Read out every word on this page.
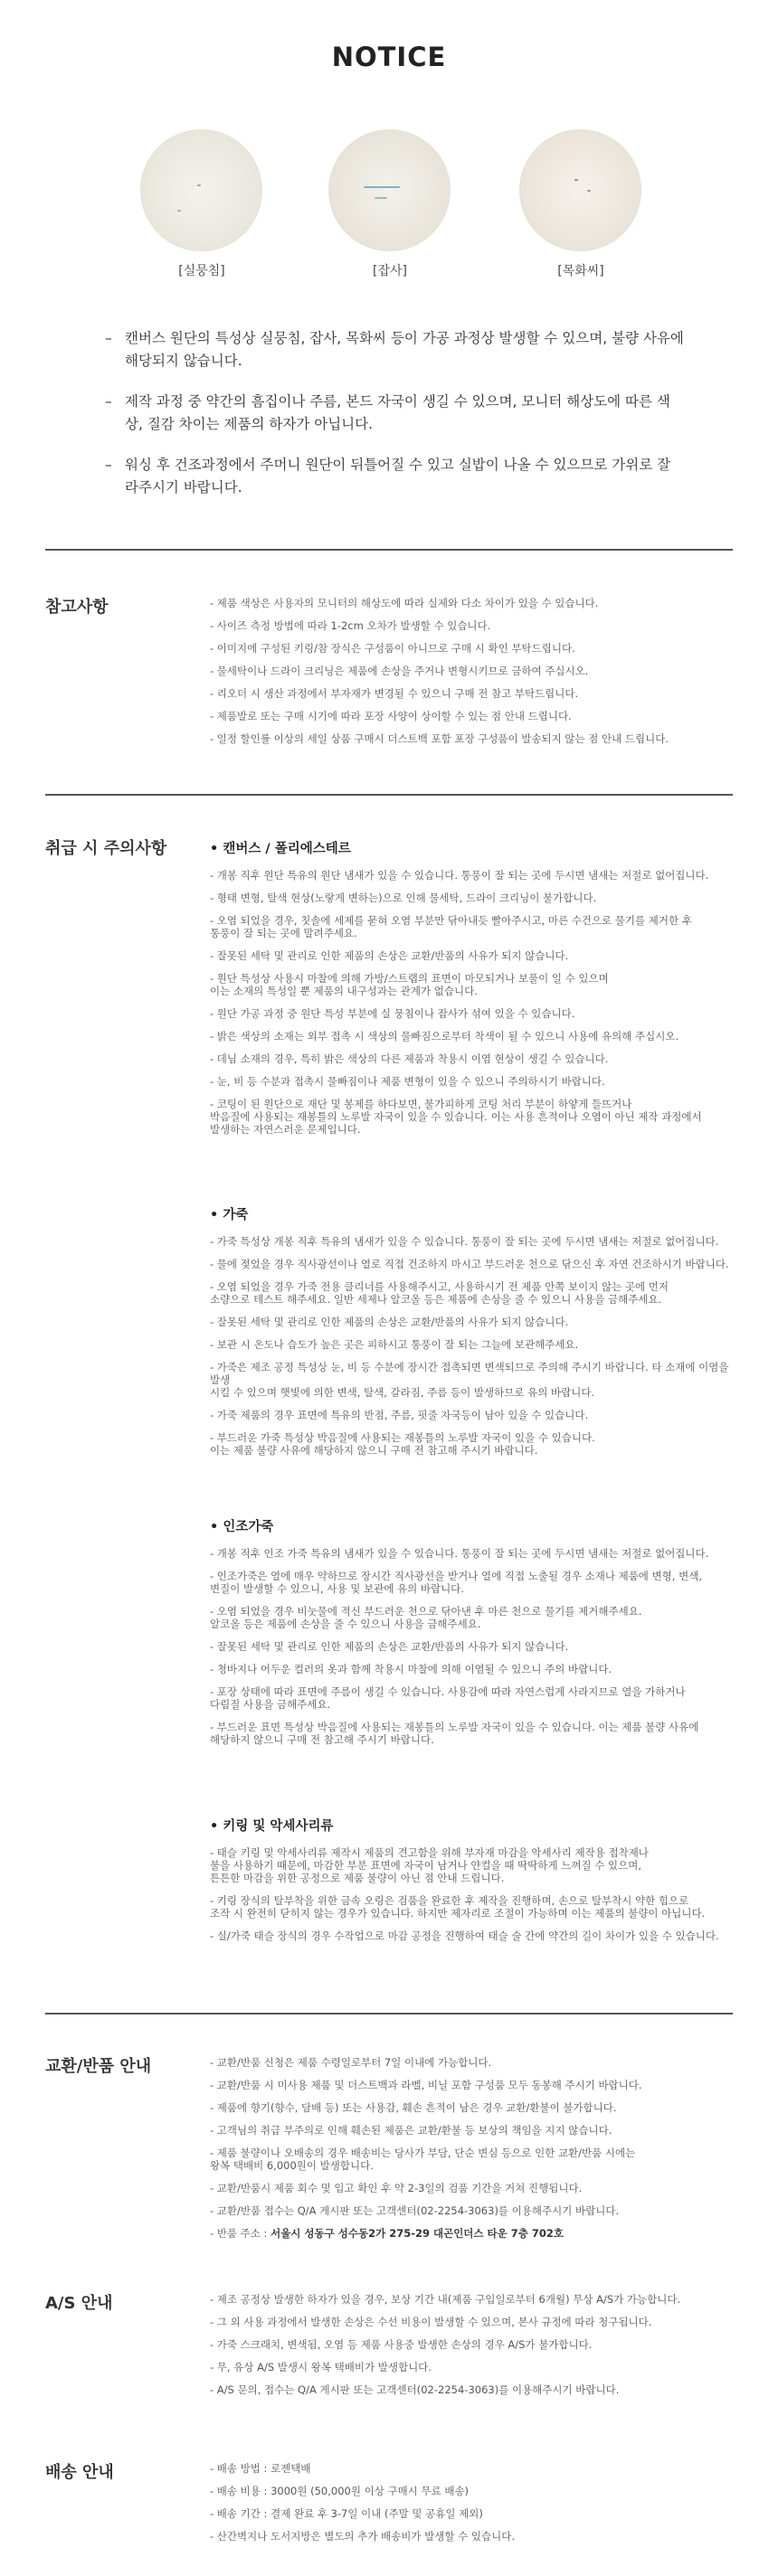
NOTICE
[실뭉침]	[잡사]	[목화씨]
– 캔버스 원단의 특성상 실뭉침, 잡사, 목화씨 등이 가공 과정상 발생할 수 있으며, 불량 사유에 해당되지 않습니다.
– 제작 과정 중 약간의 흠집이나 주름, 본드 자국이 생길 수 있으며, 모니터 해상도에 따른 색상, 질감 차이는 제품의 하자가 아닙니다.
– 워싱 후 건조과정에서 주머니 원단이 뒤틀어질 수 있고 실밥이 나올 수 있으므로 가위로 잘라주시기 바랍니다.
참고사항	- 제품 색상은 사용자의 모니터의 해상도에 따라 실제와 다소 차이가 있을 수 있습니다.
- 사이즈 측정 방법에 따라 1-2cm 오차가 발생할 수 있습니다.
- 이미지에 구성된 키링/참 장식은 구성품이 아니므로 구매 시 확인 부탁드립니다.
- 물세탁이나 드라이 크리닝은 제품에 손상을 주거나 변형시키므로 금하여 주십시오.
- 리오더 시 생산 과정에서 부자재가 변경될 수 있으니 구매 전 참고 부탁드립니다.
- 제품발로 또는 구매 시기에 따라 포장 사양이 상이할 수 있는 점 안내 드립니다.
- 일정 할인률 이상의 세일 상품 구매시 더스트백 포함 포장 구성품이 발송되지 않는 점 안내 드립니다.
취급 시 주의사항	• 캔버스 / 폴리에스테르
- 개봉 직후 원단 특유의 원단 냄새가 있을 수 있습니다. 통풍이 잘 되는 곳에 두시면 냄새는 저절로 없어집니다.
- 형태 변형, 탈색 현상(노랗게 변하는)으로 인해 물세탁, 드라이 크리닝이 불가합니다.
- 오염 되었을 경우, 칫솔에 세제를 묻혀 오염 부분만 닦아내듯 빨아주시고, 마른 수건으로 물기를 제거한 후
통풍이 잘 되는 곳에 말려주세요.
- 잘못된 세탁 및 관리로 인한 제품의 손상은 교환/반품의 사유가 되지 않습니다.
- 원단 특성상 사용시 마찰에 의해 가방/스트랩의 표면이 마모되거나 보풀이 일 수 있으며
이는 소재의 특성일 뿐 제품의 내구성과는 관계가 없습니다.
- 원단 가공 과정 중 원단 특성 부분에 실 뭉침이나 잡사가 섞여 있을 수 있습니다.
- 밝은 색상의 소재는 외부 접촉 시 색상의 물빠짐으로부터 착색이 될 수 있으니 사용에 유의해 주십시오.
- 데님 소재의 경우, 특히 밝은 색상의 다른 제품과 착용시 이염 현상이 생길 수 있습니다.
- 눈, 비 등 수분과 접촉시 물빠짐이나 제품 변형이 있을 수 있으니 주의하시기 바랍니다.
- 코팅이 된 원단으로 재단 및 봉제를 하다보면, 불가피하게 코팅 처리 부분이 하얗게 들뜨거나
박음질에 사용되는 재봉틀의 노루발 자국이 있을 수 있습니다. 이는 사용 흔적이나 오염이 아닌 제작 과정에서
발생하는 자연스러운 문제입니다.
• 가죽
- 가죽 특성상 개봉 직후 특유의 냄새가 있을 수 있습니다. 통풍이 잘 되는 곳에 두시면 냄새는 저절로 없어집니다.
- 물에 젖었을 경우 직사광선이나 열로 직접 건조하지 마시고 부드러운 천으로 닦으신 후 자연 건조하시기 바랍니다.
- 오염 되었을 경우 가죽 전용 클리너를 사용해주시고, 사용하시기 전 제품 안쪽 보이지 않는 곳에 먼저
소량으로 테스트 해주세요. 일반 세제나 알코올 등은 제품에 손상을 줄 수 있으니 사용을 금해주세요.
- 잘못된 세탁 및 관리로 인한 제품의 손상은 교환/반품의 사유가 되지 않습니다.
- 보관 시 온도나 습도가 높은 곳은 피하시고 통풍이 잘 되는 그늘에 보관해주세요.
- 가죽은 제조 공정 특성상 눈, 비 등 수분에 장시간 접촉되면 변색되므로 주의해 주시기 바랍니다. 타 소재에 이염을 발생
시킬 수 있으며 햇빛에 의한 변색, 탈색, 갈라짐, 주름 등이 발생하므로 유의 바랍니다.
- 가죽 제품의 경우 표면에 특유의 반점, 주름, 핏줄 자국등이 남아 있을 수 있습니다.
- 부드러운 가죽 특성상 박음질에 사용되는 재봉틀의 노루발 자국이 있을 수 있습니다.
이는 제품 불량 사유에 해당하지 않으니 구매 전 참고해 주시기 바랍니다.
• 인조가죽
- 개봉 직후 인조 가죽 특유의 냄새가 있을 수 있습니다. 통풍이 잘 되는 곳에 두시면 냄새는 저절로 없어집니다.
- 인조가죽은 열에 매우 약하므로 장시간 직사광선을 받거나 열에 직접 노출될 경우 소재나 제품에 변형, 변색,
변질이 발생할 수 있으니, 사용 및 보관에 유의 바랍니다.
- 오염 되었을 경우 비눗물에 적신 부드러운 천으로 닦아낸 후 마른 천으로 물기를 제거해주세요.
알코올 등은 제품에 손상을 줄 수 있으니 사용을 금해주세요.
- 잘못된 세탁 및 관리로 인한 제품의 손상은 교환/반품의 사유가 되지 않습니다.
- 청바지나 어두운 컬러의 옷과 함께 착용시 마찰에 의해 이염될 수 있으니 주의 바랍니다.
- 포장 상태에 따라 표면에 주름이 생길 수 있습니다. 사용감에 따라 자연스럽게 사라지므로 열을 가하거나
다림질 사용을 금해주세요.
- 부드러운 표면 특성상 박음질에 사용되는 재봉틀의 노루발 자국이 있을 수 있습니다. 이는 제품 불량 사유에
해당하지 않으니 구매 전 참고해 주시기 바랍니다.
• 키링 및 악세사리류
- 태슬 키링 및 악세사리류 제작시 제품의 견고함을 위해 부자재 마감을 악세사리 제작용 접착제나
불을 사용하기 때문에, 마감한 부분 표면에 자국이 남거나 얀컬을 때 딱딱하게 느껴질 수 있으며,
튼튼한 마감을 위한 공정으로 제품 불량이 아닌 점 안내 드립니다.
- 키링 장식의 탈부착을 위한 금속 오링은 검품을 완료한 후 제작을 진행하며, 손으로 탈부착시 약한 힘으로
조작 시 완전히 닫히지 않는 경우가 있습니다. 하지만 제자리로 조절이 가능하며 이는 제품의 불량이 아닙니다.
- 실/가죽 태슬 장식의 경우 수작업으로 마감 공정을 진행하여 태슬 술 간에 약간의 길이 차이가 있을 수 있습니다.
교환/반품 안내	- 교환/반품 신청은 제품 수령일로부터 7일 이내에 가능합니다.
- 교환/반품 시 미사용 제품 및 더스트백과 라벨, 비닐 포함 구성품 모두 동봉해 주시기 바랍니다.
- 제품에 향기(향수, 담배 등) 또는 사용감, 훼손 흔적이 남은 경우 교환/환불이 불가합니다.
- 고객님의 취급 부주의로 인해 훼손된 제품은 교환/환불 등 보상의 책임을 지지 않습니다.
- 제품 불량이나 오배송의 경우 배송비는 당사가 부담, 단순 변심 등으로 인한 교환/반품 시에는
왕복 택배비 6,000원이 발생합니다.
- 교환/반품시 제품 회수 및 입고 확인 후 약 2-3일의 검품 기간을 거쳐 진행됩니다.
- 교환/반품 접수는 Q/A 게시판 또는 고객센터(02-2254-3063)를 이용해주시기 바랍니다.
- 반품 주소 : 서울시 성동구 성수동2가 275-29 대곤인더스 타운 7층 702호
A/S 안내	- 제조 공정상 발생한 하자가 있을 경우, 보상 기간 내(제품 구입일로부터 6개월) 무상 A/S가 가능합니다.
- 그 외 사용 과정에서 발생한 손상은 수선 비용이 발생할 수 있으며, 본사 규정에 따라 청구됩니다.
- 가죽 스크래치, 변색됨, 오염 등 제품 사용중 발생한 손상의 경우 A/S가 불가합니다.
- 무, 유상 A/S 발생시 왕복 택배비가 발생합니다.
- A/S 문의, 접수는 Q/A 게시판 또는 고객센터(02-2254-3063)를 이용해주시기 바랍니다.
배송 안내	- 배송 방법 : 로젠택배
- 배송 비용 : 3000원 (50,000원 이상 구매시 무료 배송)
- 배송 기간 : 결제 완료 후 3-7일 이내 (주말 및 공휴일 제외)
- 산간벽지나 도서지방은 별도의 추가 배송비가 발생할 수 있습니다.
